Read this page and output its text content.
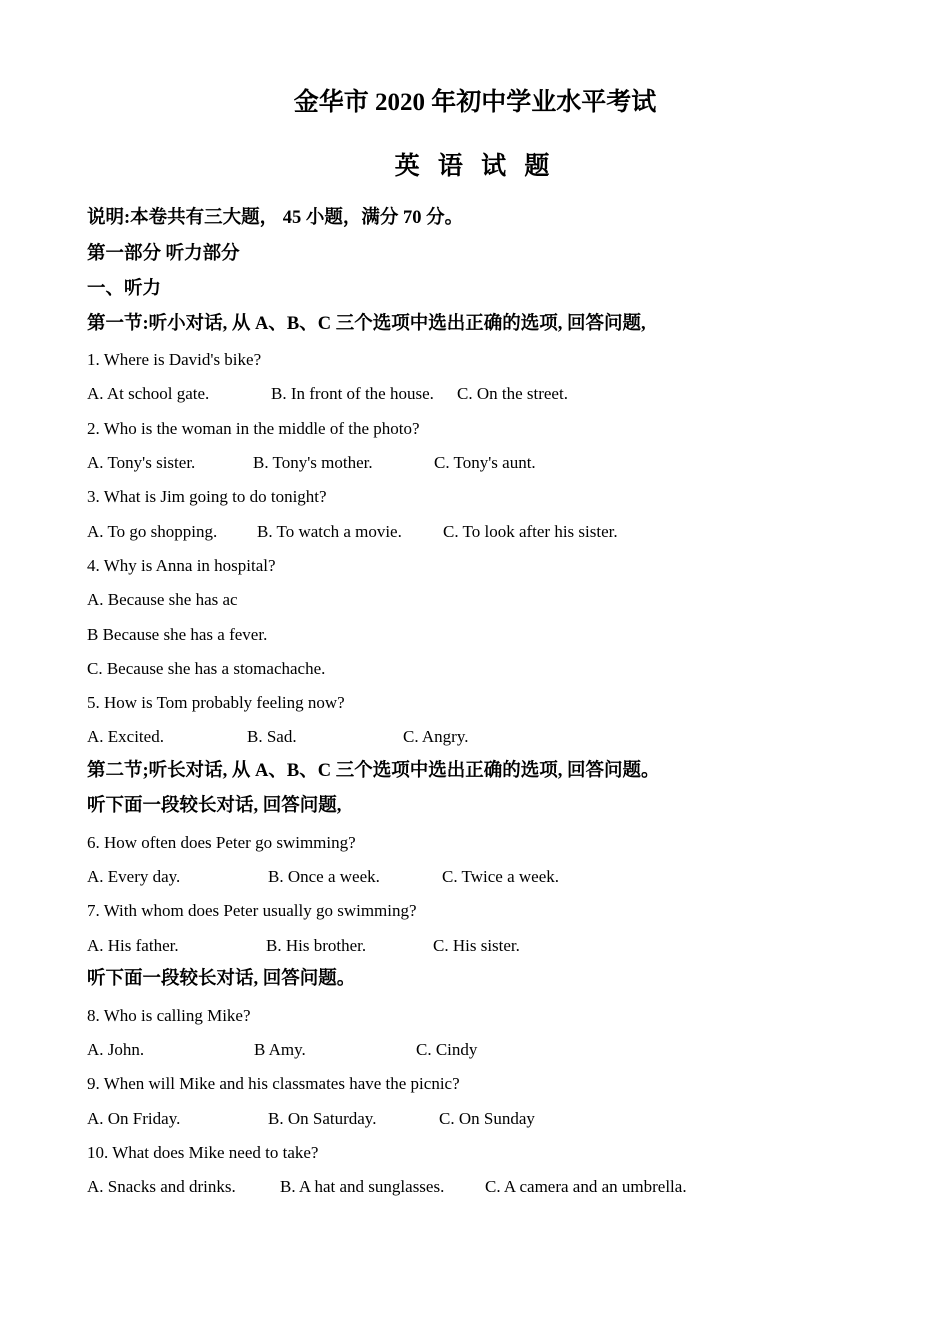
金华市 2020 年初中学业水平考试
英 语 试 题
说明:本卷共有三大题， 45 小题，满分 70 分。
第一部分 听力部分
一、听力
第一节:听小对话, 从 A、B、C 三个选项中选出正确的选项, 回答问题,
1. Where is David's bike?
A. At school gate.	B. In front of the house. C. On the street.
2. Who is the woman in the middle of the photo?
A. Tony's sister.	B. Tony's mother.	C. Tony's aunt.
3. What is Jim going to do tonight?
A. To go shopping. B. To watch a movie. C. To look after his sister.
4. Why is Anna in hospital?
A. Because she has ac
B Because she has a fever.
C. Because she has a stomachache.
5. How is Tom probably feeling now?
A. Excited.	B. Sad.	C. Angry.
第二节;听长对话, 从 A、B、C 三个选项中选出正确的选项, 回答问题。
听下面一段较长对话, 回答问题,
6. How often does Peter go swimming?
A. Every day.	B. Once a week.	C. Twice a week.
7. With whom does Peter usually go swimming?
A. His father.	B. His brother.	C. His sister.
听下面一段较长对话, 回答问题。
8. Who is calling Mike?
A. John.	B Amy.	C. Cindy
9. When will Mike and his classmates have the picnic?
A. On Friday.	B. On Saturday.	C. On Sunday
10. What does Mike need to take?
A. Snacks and drinks.	B. A hat and sunglasses. C. A camera and an umbrella.
